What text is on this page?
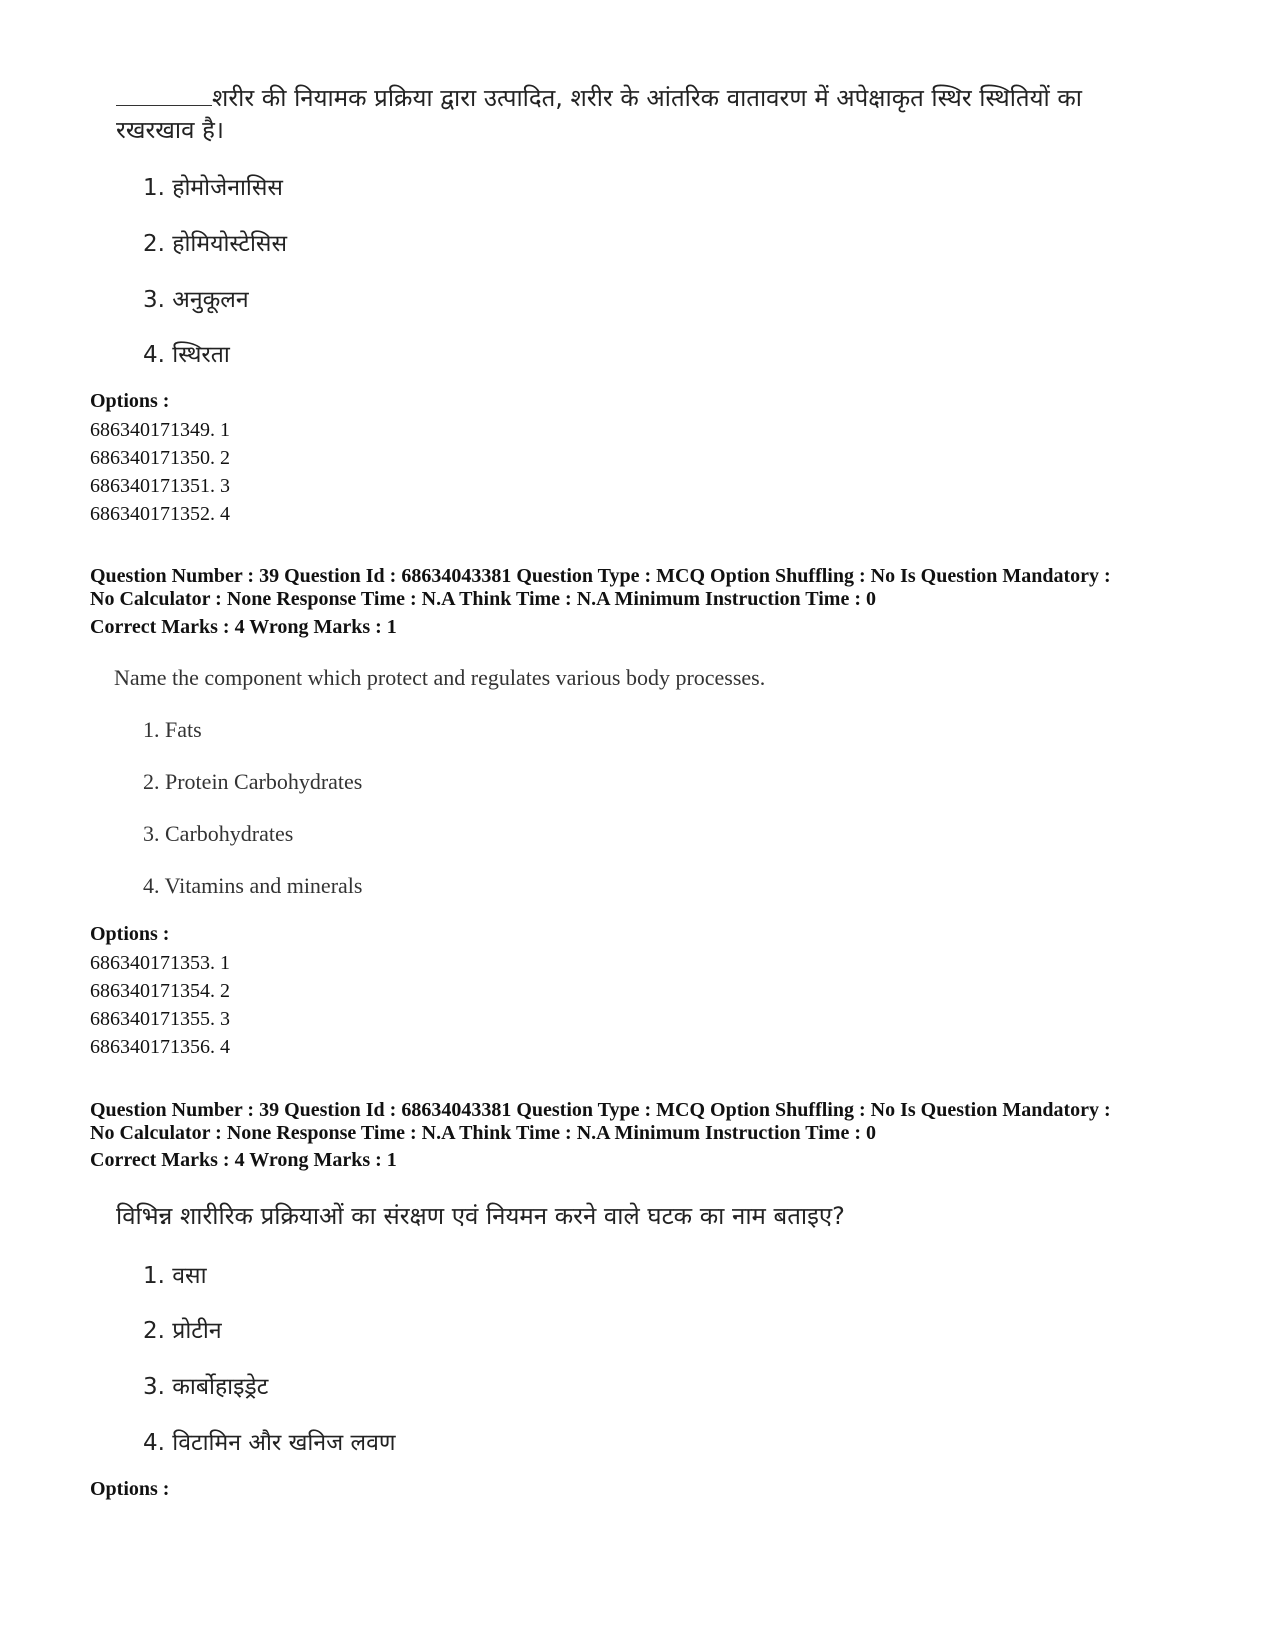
शरीर की नियामक प्रक्रिया द्वारा उत्पादित, शरीर के आंतरिक वातावरण में अपेक्षाकृत स्थिर स्थितियों का
रखरखाव है।
1. होमोजेनासिस
2. होमियोस्टेसिस
3. अनुकूलन
4. स्थिरता
Options :
686340171349. 1
686340171350. 2
686340171351. 3
686340171352. 4
Question Number : 39 Question Id : 68634043381 Question Type : MCQ Option Shuffling : No Is Question Mandatory :
No Calculator : None Response Time : N.A Think Time : N.A Minimum Instruction Time : 0
Correct Marks : 4 Wrong Marks : 1
Name the component which protect and regulates various body processes.
1. Fats
2. Protein Carbohydrates
3. Carbohydrates
4. Vitamins and minerals
Options :
686340171353. 1
686340171354. 2
686340171355. 3
686340171356. 4
Question Number : 39 Question Id : 68634043381 Question Type : MCQ Option Shuffling : No Is Question Mandatory :
No Calculator : None Response Time : N.A Think Time : N.A Minimum Instruction Time : 0
Correct Marks : 4 Wrong Marks : 1
विभिन्न शारीरिक प्रक्रियाओं का संरक्षण एवं नियमन करने वाले घटक का नाम बताइए?
1. वसा
2. प्रोटीन
3. कार्बोहाइड्रेट
4. विटामिन और खनिज लवण
Options :
